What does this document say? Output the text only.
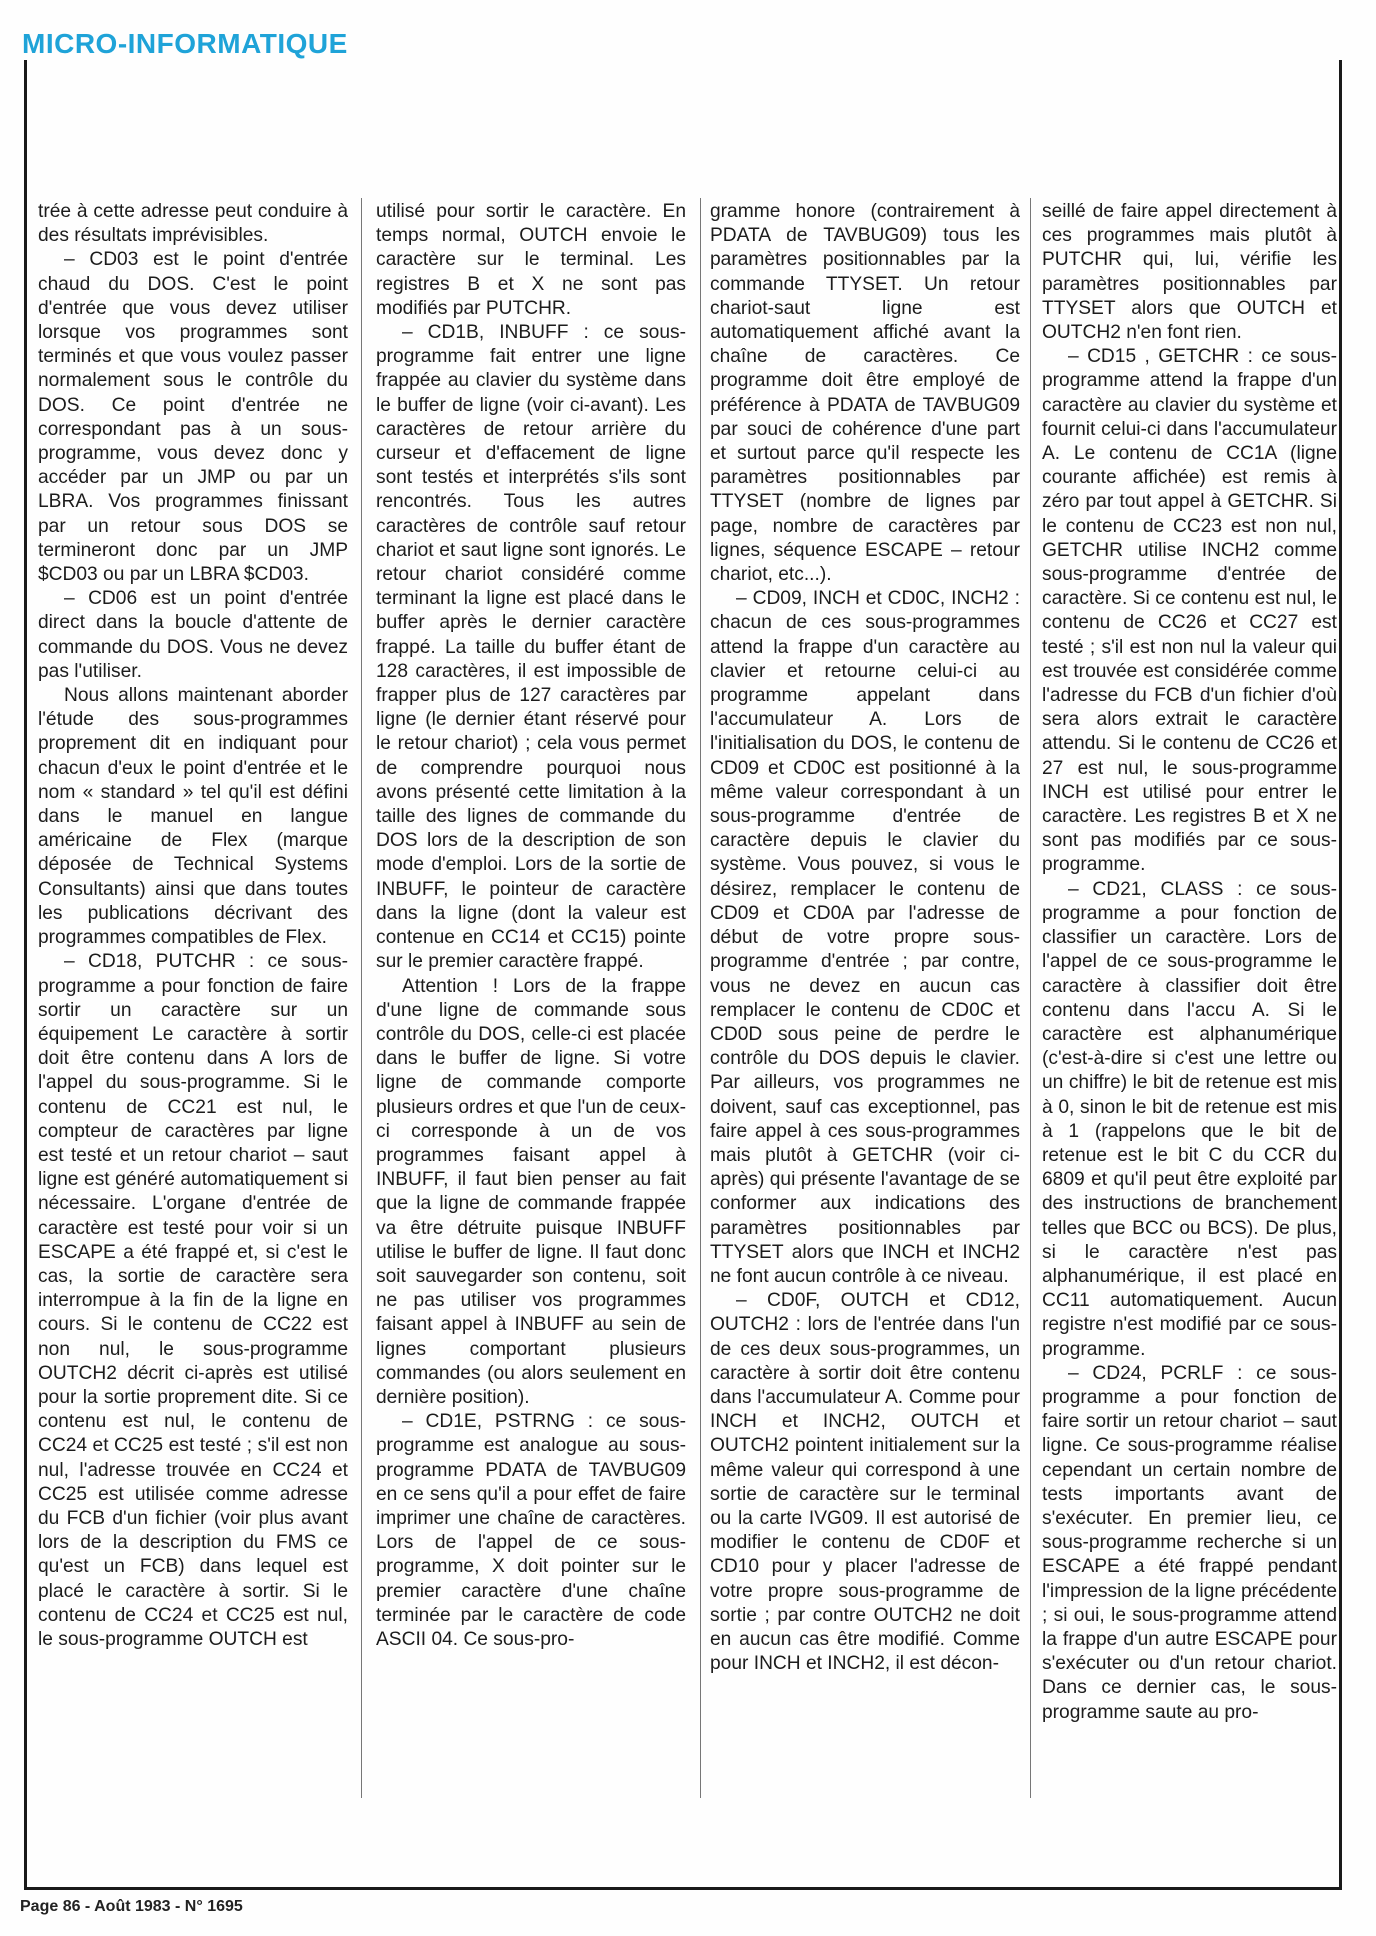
MICRO-INFORMATIQUE

trée à cette adresse peut conduire à des résultats imprévisibles.

– CD03 est le point d'entrée chaud du DOS. C'est le point d'entrée que vous devez utiliser lorsque vos programmes sont terminés et que vous voulez passer normalement sous le contrôle du DOS. Ce point d'entrée ne correspondant pas à un sous-programme, vous devez donc y accéder par un JMP ou par un LBRA. Vos programmes finissant par un retour sous DOS se termineront donc par un JMP $CD03 ou par un LBRA $CD03.

– CD06 est un point d'entrée direct dans la boucle d'attente de commande du DOS. Vous ne devez pas l'utiliser.

Nous allons maintenant aborder l'étude des sous-programmes proprement dit en indiquant pour chacun d'eux le point d'entrée et le nom « standard » tel qu'il est défini dans le manuel en langue américaine de Flex (marque déposée de Technical Systems Consultants) ainsi que dans toutes les publications décrivant des programmes compatibles de Flex.

– CD18, PUTCHR : ce sous-programme a pour fonction de faire sortir un caractère sur un équipement Le caractère à sortir doit être contenu dans A lors de l'appel du sous-programme. Si le contenu de CC21 est nul, le compteur de caractères par ligne est testé et un retour chariot – saut ligne est généré automatiquement si nécessaire. L'organe d'entrée de caractère est testé pour voir si un ESCAPE a été frappé et, si c'est le cas, la sortie de caractère sera interrompue à la fin de la ligne en cours. Si le contenu de CC22 est non nul, le sous-programme OUTCH2 décrit ci-après est utilisé pour la sortie proprement dite. Si ce contenu est nul, le contenu de CC24 et CC25 est testé ; s'il est non nul, l'adresse trouvée en CC24 et CC25 est utilisée comme adresse du FCB d'un fichier (voir plus avant lors de la description du FMS ce qu'est un FCB) dans lequel est placé le caractère à sortir. Si le contenu de CC24 et CC25 est nul, le sous-programme OUTCH est

utilisé pour sortir le caractère. En temps normal, OUTCH envoie le caractère sur le terminal. Les registres B et X ne sont pas modifiés par PUTCHR.

– CD1B, INBUFF : ce sous-programme fait entrer une ligne frappée au clavier du système dans le buffer de ligne (voir ci-avant). Les caractères de retour arrière du curseur et d'effacement de ligne sont testés et interprétés s'ils sont rencontrés. Tous les autres caractères de contrôle sauf retour chariot et saut ligne sont ignorés. Le retour chariot considéré comme terminant la ligne est placé dans le buffer après le dernier caractère frappé. La taille du buffer étant de 128 caractères, il est impossible de frapper plus de 127 caractères par ligne (le dernier étant réservé pour le retour chariot) ; cela vous permet de comprendre pourquoi nous avons présenté cette limitation à la taille des lignes de commande du DOS lors de la description de son mode d'emploi. Lors de la sortie de INBUFF, le pointeur de caractère dans la ligne (dont la valeur est contenue en CC14 et CC15) pointe sur le premier caractère frappé.

Attention ! Lors de la frappe d'une ligne de commande sous contrôle du DOS, celle-ci est placée dans le buffer de ligne. Si votre ligne de commande comporte plusieurs ordres et que l'un de ceux-ci corresponde à un de vos programmes faisant appel à INBUFF, il faut bien penser au fait que la ligne de commande frappée va être détruite puisque INBUFF utilise le buffer de ligne. Il faut donc soit sauvegarder son contenu, soit ne pas utiliser vos programmes faisant appel à INBUFF au sein de lignes comportant plusieurs commandes (ou alors seulement en dernière position).

– CD1E, PSTRNG : ce sous-programme est analogue au sous-programme PDATA de TAVBUG09 en ce sens qu'il a pour effet de faire imprimer une chaîne de caractères. Lors de l'appel de ce sous-programme, X doit pointer sur le premier caractère d'une chaîne terminée par le caractère de code ASCII 04. Ce sous-pro-

gramme honore (contrairement à PDATA de TAVBUG09) tous les paramètres positionnables par la commande TTYSET. Un retour chariot-saut ligne est automatiquement affiché avant la chaîne de caractères. Ce programme doit être employé de préférence à PDATA de TAVBUG09 par souci de cohérence d'une part et surtout parce qu'il respecte les paramètres positionnables par TTYSET (nombre de lignes par page, nombre de caractères par lignes, séquence ESCAPE – retour chariot, etc...).

– CD09, INCH et CD0C, INCH2 : chacun de ces sous-programmes attend la frappe d'un caractère au clavier et retourne celui-ci au programme appelant dans l'accumulateur A. Lors de l'initialisation du DOS, le contenu de CD09 et CD0C est positionné à la même valeur correspondant à un sous-programme d'entrée de caractère depuis le clavier du système. Vous pouvez, si vous le désirez, remplacer le contenu de CD09 et CD0A par l'adresse de début de votre propre sous-programme d'entrée ; par contre, vous ne devez en aucun cas remplacer le contenu de CD0C et CD0D sous peine de perdre le contrôle du DOS depuis le clavier. Par ailleurs, vos programmes ne doivent, sauf cas exceptionnel, pas faire appel à ces sous-programmes mais plutôt à GETCHR (voir ci-après) qui présente l'avantage de se conformer aux indications des paramètres positionnables par TTYSET alors que INCH et INCH2 ne font aucun contrôle à ce niveau.

– CD0F, OUTCH et CD12, OUTCH2 : lors de l'entrée dans l'un de ces deux sous-programmes, un caractère à sortir doit être contenu dans l'accumulateur A. Comme pour INCH et INCH2, OUTCH et OUTCH2 pointent initialement sur la même valeur qui correspond à une sortie de caractère sur le terminal ou la carte IVG09. Il est autorisé de modifier le contenu de CD0F et CD10 pour y placer l'adresse de votre propre sous-programme de sortie ; par contre OUTCH2 ne doit en aucun cas être modifié. Comme pour INCH et INCH2, il est décon-

seillé de faire appel directement à ces programmes mais plutôt à PUTCHR qui, lui, vérifie les paramètres positionnables par TTYSET alors que OUTCH et OUTCH2 n'en font rien.

– CD15 , GETCHR : ce sous-programme attend la frappe d'un caractère au clavier du système et fournit celui-ci dans l'accumulateur A. Le contenu de CC1A (ligne courante affichée) est remis à zéro par tout appel à GETCHR. Si le contenu de CC23 est non nul, GETCHR utilise INCH2 comme sous-programme d'entrée de caractère. Si ce contenu est nul, le contenu de CC26 et CC27 est testé ; s'il est non nul la valeur qui est trouvée est considérée comme l'adresse du FCB d'un fichier d'où sera alors extrait le caractère attendu. Si le contenu de CC26 et 27 est nul, le sous-programme INCH est utilisé pour entrer le caractère. Les registres B et X ne sont pas modifiés par ce sous-programme.

– CD21, CLASS : ce sous-programme a pour fonction de classifier un caractère. Lors de l'appel de ce sous-programme le caractère à classifier doit être contenu dans l'accu A. Si le caractère est alphanumérique (c'est-à-dire si c'est une lettre ou un chiffre) le bit de retenue est mis à 0, sinon le bit de retenue est mis à 1 (rappelons que le bit de retenue est le bit C du CCR du 6809 et qu'il peut être exploité par des instructions de branchement telles que BCC ou BCS). De plus, si le caractère n'est pas alphanumérique, il est placé en CC11 automatiquement. Aucun registre n'est modifié par ce sous-programme.

– CD24, PCRLF : ce sous-programme a pour fonction de faire sortir un retour chariot – saut ligne. Ce sous-programme réalise cependant un certain nombre de tests importants avant de s'exécuter. En premier lieu, ce sous-programme recherche si un ESCAPE a été frappé pendant l'impression de la ligne précédente ; si oui, le sous-programme attend la frappe d'un autre ESCAPE pour s'exécuter ou d'un retour chariot. Dans ce dernier cas, le sous-programme saute au pro-

Page 86 - Août 1983 - N° 1695
